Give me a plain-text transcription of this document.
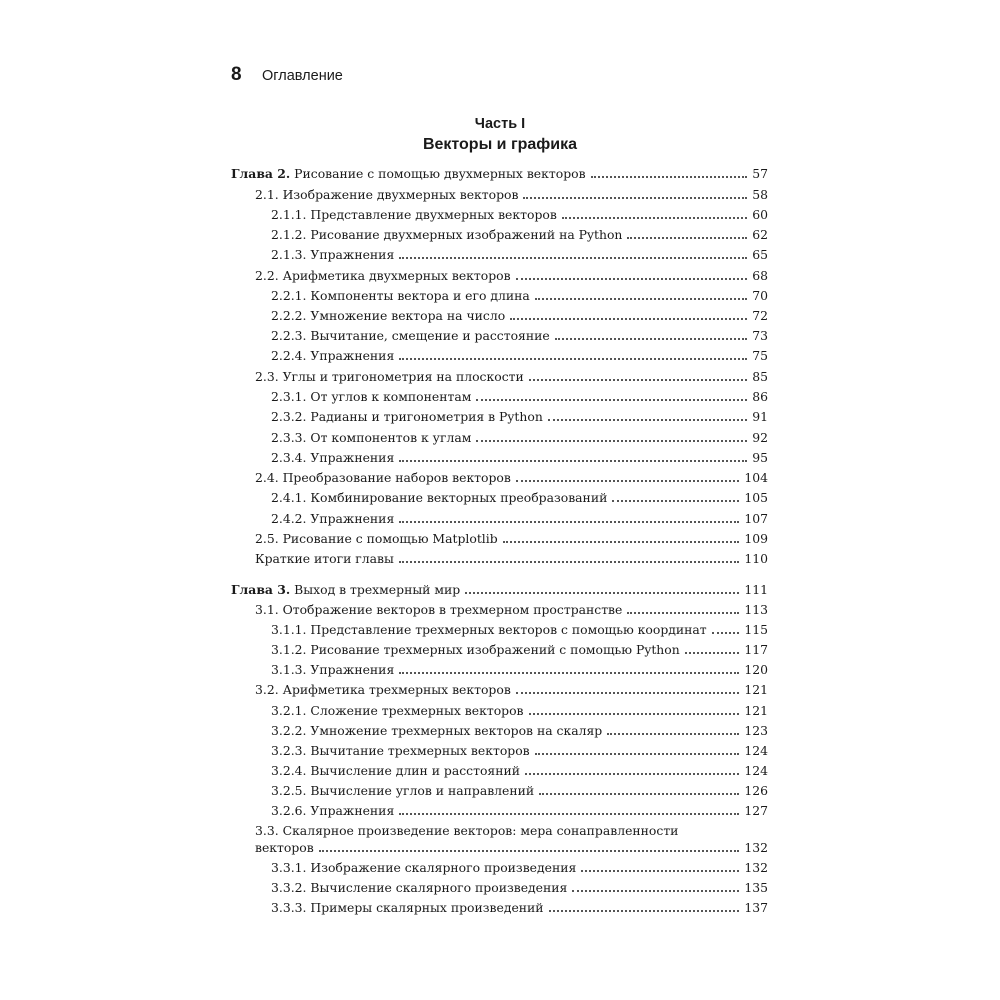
8 Оглавление
Часть I
Векторы и графика
Глава 2. Рисование с помощью двухмерных векторов	57
2.1. Изображение двухмерных векторов	58
2.1.1. Представление двухмерных векторов	60
2.1.2. Рисование двухмерных изображений на Python	62
2.1.3. Упражнения	65
2.2. Арифметика двухмерных векторов	68
2.2.1. Компоненты вектора и его длина	70
2.2.2. Умножение вектора на число	72
2.2.3. Вычитание, смещение и расстояние	73
2.2.4. Упражнения	75
2.3. Углы и тригонометрия на плоскости	85
2.3.1. От углов к компонентам	86
2.3.2. Радианы и тригонометрия в Python	91
2.3.3. От компонентов к углам	92
2.3.4. Упражнения	95
2.4. Преобразование наборов векторов	104
2.4.1. Комбинирование векторных преобразований	105
2.4.2. Упражнения	107
2.5. Рисование с помощью Matplotlib	109
Краткие итоги главы	110
Глава 3. Выход в трехмерный мир	111
3.1. Отображение векторов в трехмерном пространстве	113
3.1.1. Представление трехмерных векторов с помощью координат	115
3.1.2. Рисование трехмерных изображений с помощью Python	117
3.1.3. Упражнения	120
3.2. Арифметика трехмерных векторов	121
3.2.1. Сложение трехмерных векторов	121
3.2.2. Умножение трехмерных векторов на скаляр	123
3.2.3. Вычитание трехмерных векторов	124
3.2.4. Вычисление длин и расстояний	124
3.2.5. Вычисление углов и направлений	126
3.2.6. Упражнения	127
3.3. Скалярное произведение векторов: мера сонаправленности
векторов	132
3.3.1. Изображение скалярного произведения	132
3.3.2. Вычисление скалярного произведения	135
3.3.3. Примеры скалярных произведений	137
